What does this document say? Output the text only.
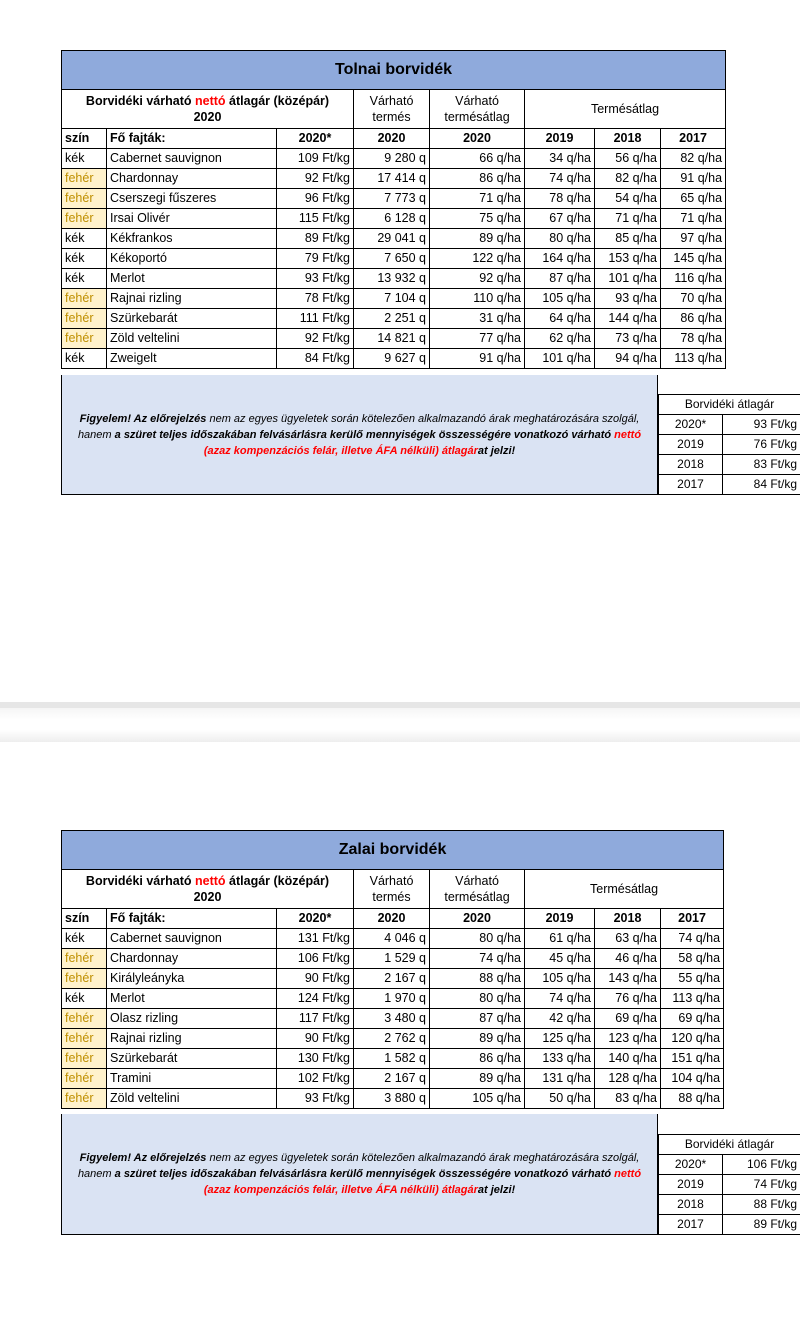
Tolnai borvidék							
Borvidéki várható nettó átlagár (középár)
2020			Várható termés	Várható termésátlag	Termésátlag		
szín	Fő fajták:	2020*	2020	2020	2019	2018	2017
kék	Cabernet sauvignon	109 Ft/kg	9 280 q	66 q/ha	34 q/ha	56 q/ha	82 q/ha
fehér	Chardonnay	92 Ft/kg	17 414 q	86 q/ha	74 q/ha	82 q/ha	91 q/ha
fehér	Cserszegi fűszeres	96 Ft/kg	7 773 q	71 q/ha	78 q/ha	54 q/ha	65 q/ha
fehér	Irsai Olivér	115 Ft/kg	6 128 q	75 q/ha	67 q/ha	71 q/ha	71 q/ha
kék	Kékfrankos	89 Ft/kg	29 041 q	89 q/ha	80 q/ha	85 q/ha	97 q/ha
kék	Kékoportó	79 Ft/kg	7 650 q	122 q/ha	164 q/ha	153 q/ha	145 q/ha
kék	Merlot	93 Ft/kg	13 932 q	92 q/ha	87 q/ha	101 q/ha	116 q/ha
fehér	Rajnai rizling	78 Ft/kg	7 104 q	110 q/ha	105 q/ha	93 q/ha	70 q/ha
fehér	Szürkebarát	111 Ft/kg	2 251 q	31 q/ha	64 q/ha	144 q/ha	86 q/ha
fehér	Zöld veltelini	92 Ft/kg	14 821 q	77 q/ha	62 q/ha	73 q/ha	78 q/ha
kék	Zweigelt	84 Ft/kg	9 627 q	91 q/ha	101 q/ha	94 q/ha	113 q/ha
Figyelem! Az előrejelzés nem az egyes ügyeletek során kötelezően alkalmazandó árak meghatározására szolgál, hanem a szüret teljes időszakában felvásárlásra kerülő mennyiségek összességére vonatkozó várható nettó (azaz kompenzációs felár, illetve ÁFA nélküli) átlagárat jelzi!
Borvidéki átlagár	
2020*	93 Ft/kg
2019	76 Ft/kg
2018	83 Ft/kg
2017	84 Ft/kg
Zalai borvidék							
Borvidéki várható nettó átlagár (középár)
2020			Várható termés	Várható termésátlag	Termésátlag		
szín	Fő fajták:	2020*	2020	2020	2019	2018	2017
kék	Cabernet sauvignon	131 Ft/kg	4 046 q	80 q/ha	61 q/ha	63 q/ha	74 q/ha
fehér	Chardonnay	106 Ft/kg	1 529 q	74 q/ha	45 q/ha	46 q/ha	58 q/ha
fehér	Királyleányka	90 Ft/kg	2 167 q	88 q/ha	105 q/ha	143 q/ha	55 q/ha
kék	Merlot	124 Ft/kg	1 970 q	80 q/ha	74 q/ha	76 q/ha	113 q/ha
fehér	Olasz rizling	117 Ft/kg	3 480 q	87 q/ha	42 q/ha	69 q/ha	69 q/ha
fehér	Rajnai rizling	90 Ft/kg	2 762 q	89 q/ha	125 q/ha	123 q/ha	120 q/ha
fehér	Szürkebarát	130 Ft/kg	1 582 q	86 q/ha	133 q/ha	140 q/ha	151 q/ha
fehér	Tramini	102 Ft/kg	2 167 q	89 q/ha	131 q/ha	128 q/ha	104 q/ha
fehér	Zöld veltelini	93 Ft/kg	3 880 q	105 q/ha	50 q/ha	83 q/ha	88 q/ha
Figyelem! Az előrejelzés nem az egyes ügyeletek során kötelezően alkalmazandó árak meghatározására szolgál, hanem a szüret teljes időszakában felvásárlásra kerülő mennyiségek összességére vonatkozó várható nettó (azaz kompenzációs felár, illetve ÁFA nélküli) átlagárat jelzi!
Borvidéki átlagár	
2020*	106 Ft/kg
2019	74 Ft/kg
2018	88 Ft/kg
2017	89 Ft/kg
